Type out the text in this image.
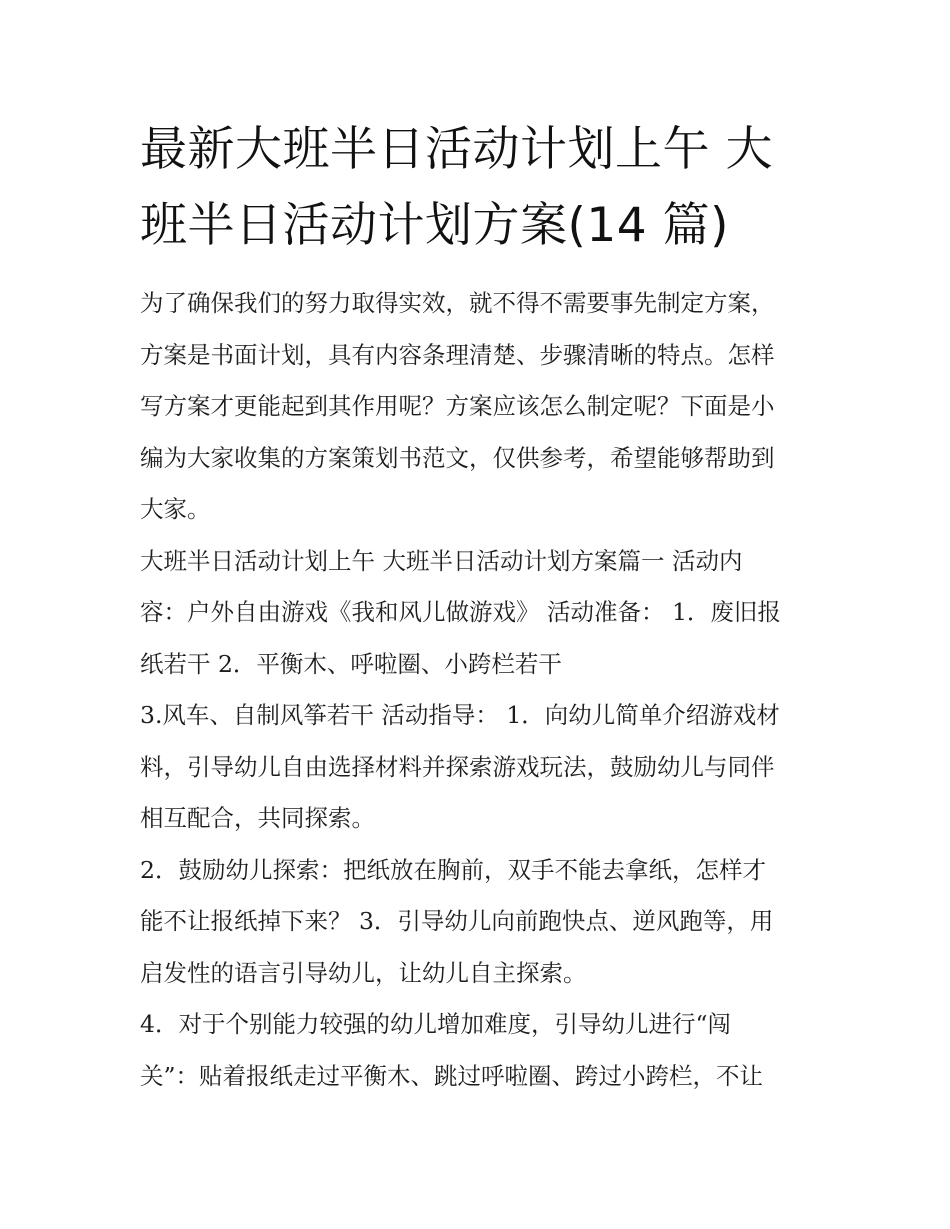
最新大班半日活动计划上午 大
班半日活动计划方案(14 篇)

为了确保我们的努力取得实效，就不得不需要事先制定方案，
方案是书面计划，具有内容条理清楚、步骤清晰的特点。怎样
写方案才更能起到其作用呢？方案应该怎么制定呢？下面是小
编为大家收集的方案策划书范文，仅供参考，希望能够帮助到
大家。

大班半日活动计划上午 大班半日活动计划方案篇一 活动内
容：户外自由游戏《我和风儿做游戏》 活动准备： 1．废旧报
纸若干 2．平衡木、呼啦圈、小跨栏若干
3.风车、自制风筝若干 活动指导： 1．向幼儿简单介绍游戏材
料，引导幼儿自由选择材料并探索游戏玩法，鼓励幼儿与同伴
相互配合，共同探索。

2．鼓励幼儿探索：把纸放在胸前，双手不能去拿纸，怎样才
能不让报纸掉下来？ 3．引导幼儿向前跑快点、逆风跑等，用
启发性的语言引导幼儿，让幼儿自主探索。

4．对于个别能力较强的幼儿增加难度，引导幼儿进行“闯
关”：贴着报纸走过平衡木、跳过呼啦圈、跨过小跨栏，不让
